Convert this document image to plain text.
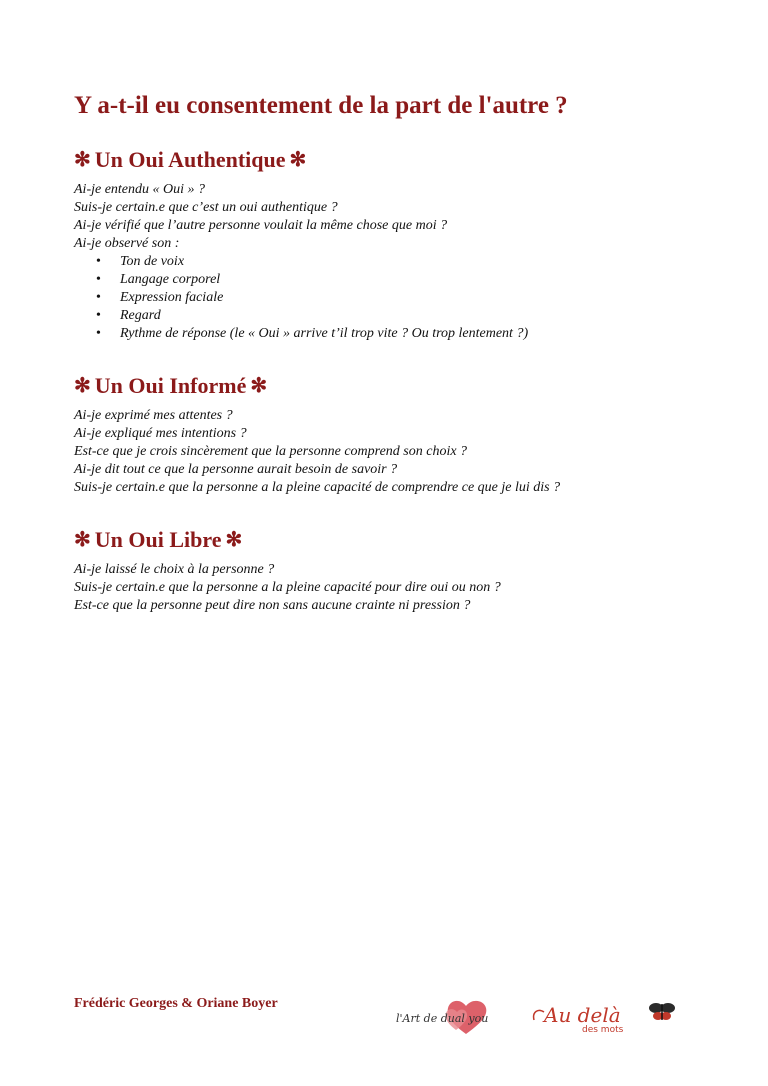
Y a-t-il eu consentement de la part de l'autre ?
✻ Un Oui Authentique ✻

Ai-je entendu « Oui » ?

Suis-je certain.e que c’est un oui authentique ?

Ai-je vérifié que l’autre personne voulait la même chose que moi ?

Ai-je observé son :

• Ton de voix
• Langage corporel
• Expression faciale
• Regard
• Rythme de réponse (le « Oui » arrive t’il trop vite ? Ou trop lentement ?)
✻ Un Oui Informé ✻

Ai-je exprimé mes attentes ?

Ai-je expliqué mes intentions ?

Est-ce que je crois sincèrement que la personne comprend son choix ?

Ai-je dit tout ce que la personne aurait besoin de savoir ?

Suis-je certain.e que la personne a la pleine capacité de comprendre ce que je lui dis ?

✻ Un Oui Libre ✻

Ai-je laissé le choix à la personne ?

Suis-je certain.e que la personne a la pleine capacité pour dire oui ou non ?

Est-ce que la personne peut dire non sans aucune crainte ni pression ?

Frédéric Georges & Oriane Boyer
l'Art de dual you	Au delà
des mots
